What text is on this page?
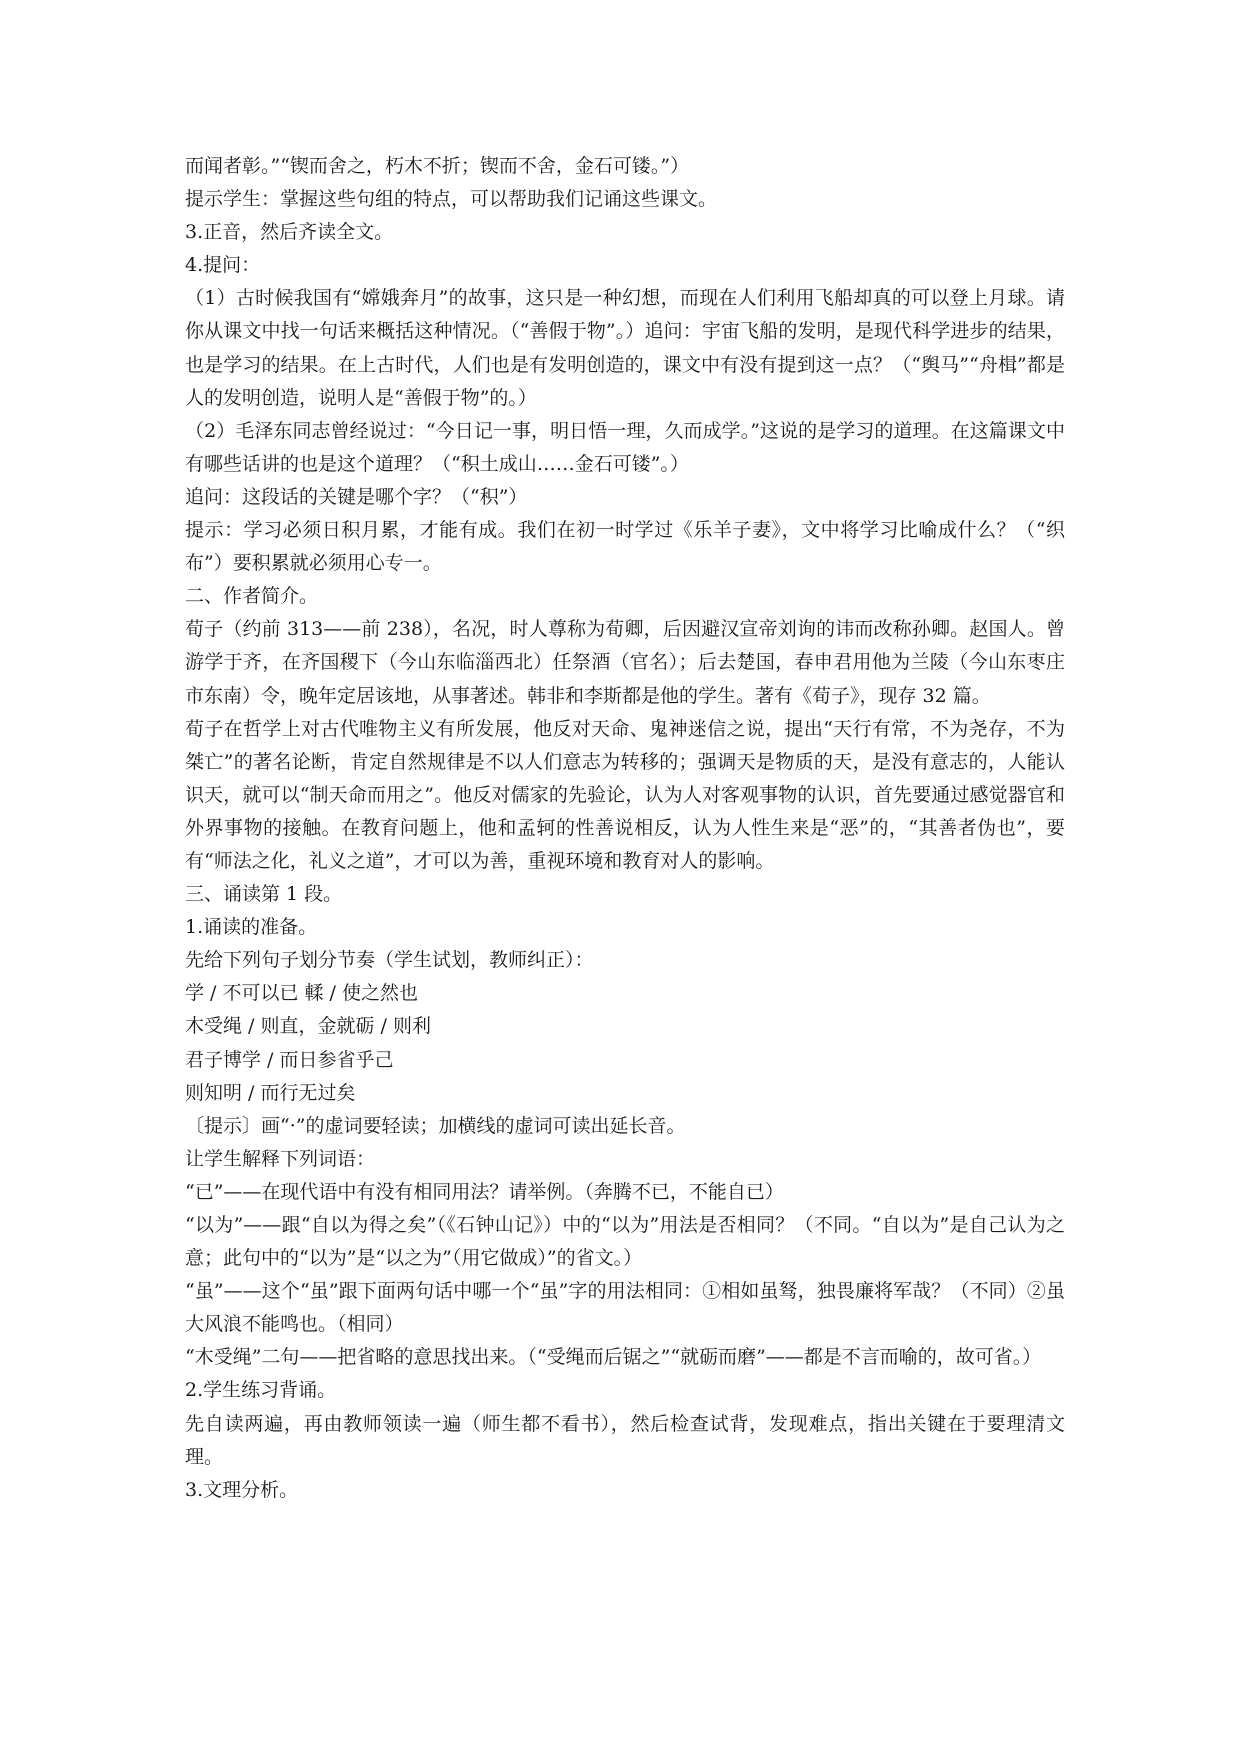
而闻者彰。”“锲而舍之，朽木不折；锲而不舍，金石可镂。”）

提示学生：掌握这些句组的特点，可以帮助我们记诵这些课文。

3.正音，然后齐读全文。

4.提问：

（1）古时候我国有“嫦娥奔月”的故事，这只是一种幻想，而现在人们利用飞船却真的可以登上月球。请你从课文中找一句话来概括这种情况。（“善假于物”。）追问：宇宙飞船的发明，是现代科学进步的结果，也是学习的结果。在上古时代，人们也是有发明创造的，课文中有没有提到这一点？（“舆马”“舟楫”都是人的发明创造，说明人是“善假于物”的。）

（2）毛泽东同志曾经说过：“今日记一事，明日悟一理，久而成学。”这说的是学习的道理。在这篇课文中有哪些话讲的也是这个道理？（“积土成山……金石可镂”。）

追问：这段话的关键是哪个字？（“积”）

提示：学习必须日积月累，才能有成。我们在初一时学过《乐羊子妻》，文中将学习比喻成什么？（“织布”）要积累就必须用心专一。

二、作者简介。

荀子（约前 313——前 238），名况，时人尊称为荀卿，后因避汉宣帝刘询的讳而改称孙卿。赵国人。曾游学于齐，在齐国稷下（今山东临淄西北）任祭酒（官名）；后去楚国，春申君用他为兰陵（今山东枣庄市东南）令，晚年定居该地，从事著述。韩非和李斯都是他的学生。著有《荀子》，现存 32 篇。

荀子在哲学上对古代唯物主义有所发展，他反对天命、鬼神迷信之说，提出“天行有常，不为尧存，不为桀亡”的著名论断，肯定自然规律是不以人们意志为转移的；强调天是物质的天，是没有意志的，人能认识天，就可以“制天命而用之”。他反对儒家的先验论，认为人对客观事物的认识，首先要通过感觉器官和外界事物的接触。在教育问题上，他和孟轲的性善说相反，认为人性生来是“恶”的，“其善者伪也”，要有“师法之化，礼义之道”，才可以为善，重视环境和教育对人的影响。

三、诵读第 1 段。

1.诵读的准备。

先给下列句子划分节奏（学生试划，教师纠正）：

学 / 不可以已 輮 / 使之然也

木受绳 / 则直，金就砺 / 则利

君子博学 / 而日参省乎己

则知明 / 而行无过矣

〔提示〕画“·”的虚词要轻读；加横线的虚词可读出延长音。

让学生解释下列词语：

“已”——在现代语中有没有相同用法？请举例。（奔腾不已，不能自已）

“以为”——跟“自以为得之矣”（《石钟山记》）中的“以为”用法是否相同？（不同。“自以为”是自己认为之意；此句中的“以为”是“以之为”（用它做成）”的省文。）

“虽”——这个“虽”跟下面两句话中哪一个“虽”字的用法相同：①相如虽驽，独畏廉将军哉？（不同）②虽大风浪不能鸣也。（相同）

“木受绳”二句——把省略的意思找出来。（“受绳而后锯之”“就砺而磨”——都是不言而喻的，故可省。）

2.学生练习背诵。

先自读两遍，再由教师领读一遍（师生都不看书），然后检查试背，发现难点，指出关键在于要理清文理。

3.文理分析。
